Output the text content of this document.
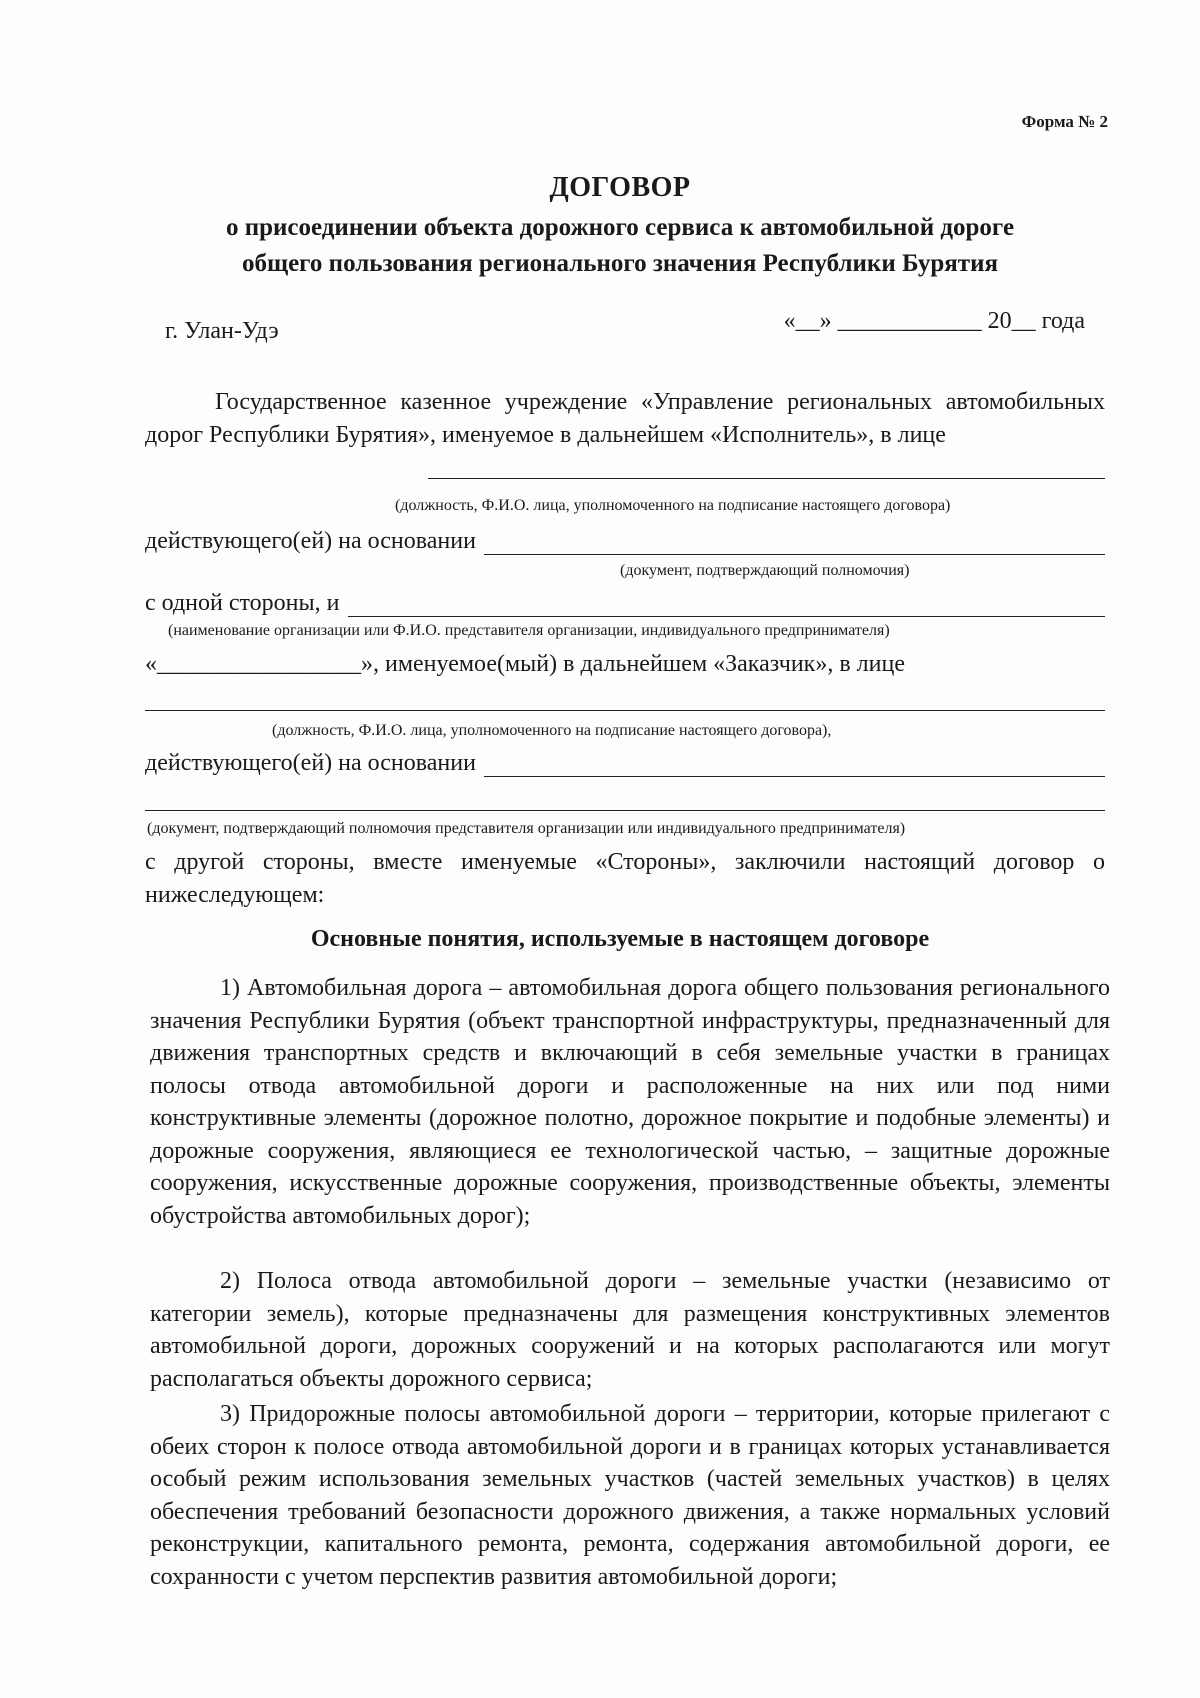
Форма № 2
ДОГОВОР
о присоединении объекта дорожного сервиса к автомобильной дороге
общего пользования регионального значения Республики Бурятия
г. Улан-Удэ	«__» ____________ 20__ года
Государственное казенное учреждение «Управление региональных автомобильных дорог Республики Бурятия», именуемое в дальнейшем «Исполнитель», в лице
(должность, Ф.И.О. лица, уполномоченного на подписание настоящего договора)
действующего(ей) на основании
(документ, подтверждающий полномочия)
с одной стороны, и
(наименование организации или Ф.И.О. представителя организации, индивидуального предпринимателя)
«_________________», именуемое(мый) в дальнейшем «Заказчик», в лице
(должность, Ф.И.О. лица, уполномоченного на подписание настоящего договора),
действующего(ей) на основании
(документ, подтверждающий полномочия представителя организации или индивидуального предпринимателя)
с другой стороны, вместе именуемые «Стороны», заключили настоящий договор о нижеследующем:
Основные понятия, используемые в настоящем договоре
1) Автомобильная дорога – автомобильная дорога общего пользования регионального значения Республики Бурятия (объект транспортной инфраструктуры, предназначенный для движения транспортных средств и включающий в себя земельные участки в границах полосы отвода автомобильной дороги и расположенные на них или под ними конструктивные элементы (дорожное полотно, дорожное покрытие и подобные элементы) и дорожные сооружения, являющиеся ее технологической частью, – защитные дорожные сооружения, искусственные дорожные сооружения, производственные объекты, элементы обустройства автомобильных дорог);
2) Полоса отвода автомобильной дороги – земельные участки (независимо от категории земель), которые предназначены для размещения конструктивных элементов автомобильной дороги, дорожных сооружений и на которых располагаются или могут располагаться объекты дорожного сервиса;
3) Придорожные полосы автомобильной дороги – территории, которые прилегают с обеих сторон к полосе отвода автомобильной дороги и в границах которых устанавливается особый режим использования земельных участков (частей земельных участков) в целях обеспечения требований безопасности дорожного движения, а также нормальных условий реконструкции, капитального ремонта, ремонта, содержания автомобильной дороги, ее сохранности с учетом перспектив развития автомобильной дороги;
